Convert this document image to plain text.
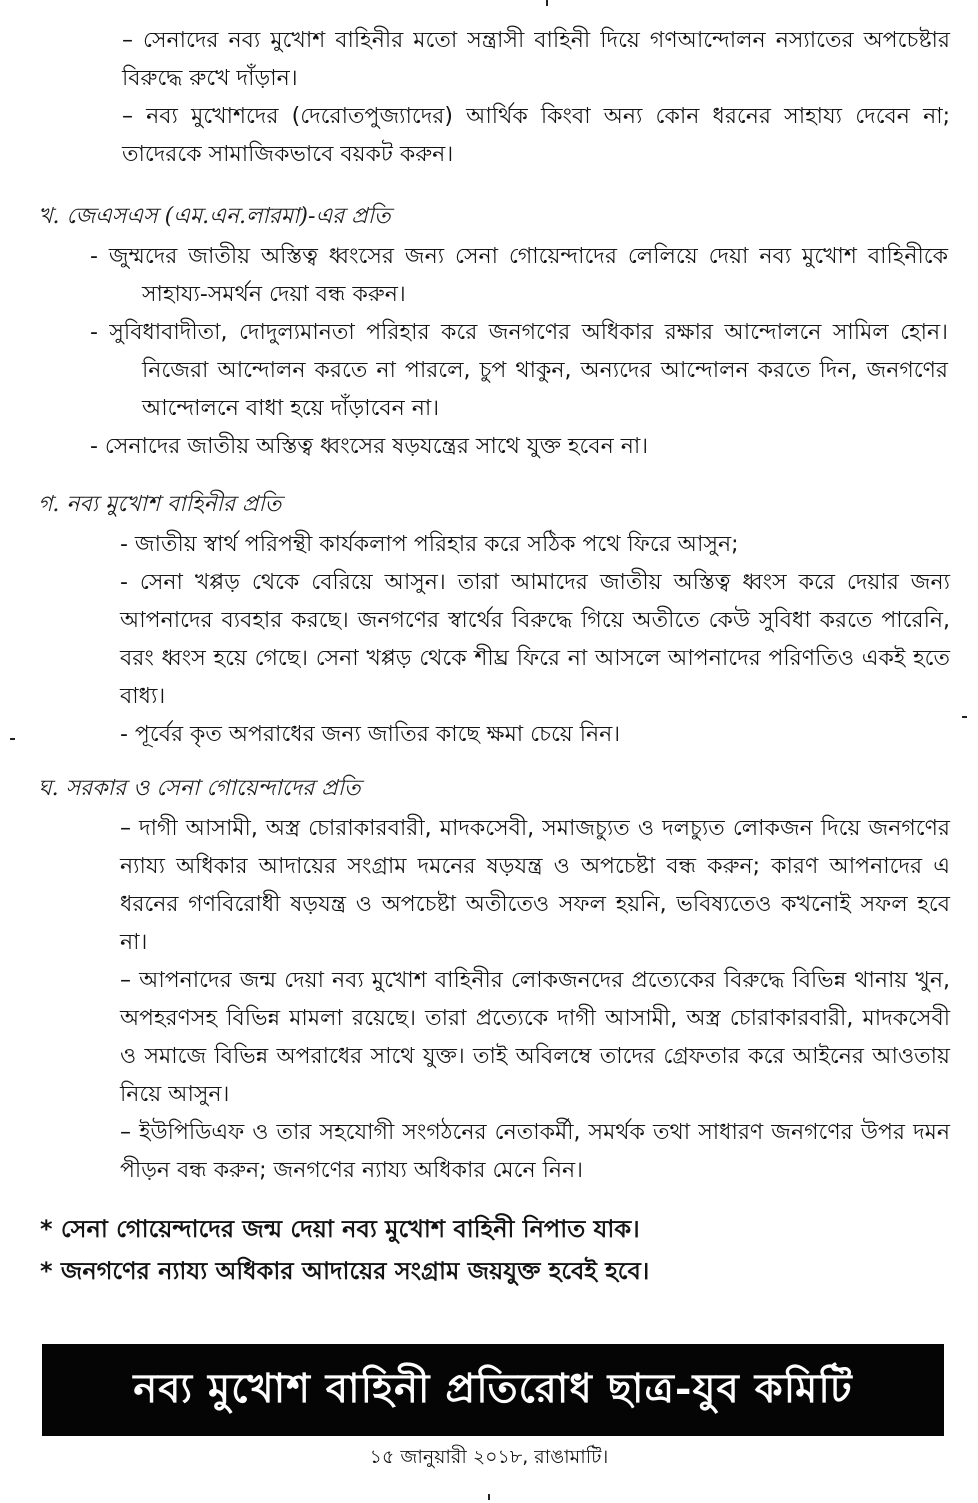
– সেনাদের নব্য মুখোশ বাহিনীর মতো সন্ত্রাসী বাহিনী দিয়ে গণআন্দোলন নস্যাতের অপচেষ্টার বিরুদ্ধে রুখে দাঁড়ান।

– নব্য মুখোশদের (দেরোতপুজ্যাদের) আর্থিক কিংবা অন্য কোন ধরনের সাহায্য দেবেন না; তাদেরকে সামাজিকভাবে বয়কট করুন।

খ. জেএসএস (এম.এন.লারমা)-এর প্রতি

- জুম্মদের জাতীয় অস্তিত্ব ধ্বংসের জন্য সেনা গোয়েন্দাদের লেলিয়ে দেয়া নব্য মুখোশ বাহিনীকে সাহায্য-সমর্থন দেয়া বন্ধ করুন।

- সুবিধাবাদীতা, দোদুল্যমানতা পরিহার করে জনগণের অধিকার রক্ষার আন্দোলনে সামিল হোন। নিজেরা আন্দোলন করতে না পারলে, চুপ থাকুন, অন্যদের আন্দোলন করতে দিন, জনগণের আন্দোলনে বাধা হয়ে দাঁড়াবেন না।

- সেনাদের জাতীয় অস্তিত্ব ধ্বংসের ষড়যন্ত্রের সাথে যুক্ত হবেন না।

গ. নব্য মুখোশ বাহিনীর প্রতি

- জাতীয় স্বার্থ পরিপন্থী কার্যকলাপ পরিহার করে সঠিক পথে ফিরে আসুন;

- সেনা খপ্পড় থেকে বেরিয়ে আসুন। তারা আমাদের জাতীয় অস্তিত্ব ধ্বংস করে দেয়ার জন্য আপনাদের ব্যবহার করছে। জনগণের স্বার্থের বিরুদ্ধে গিয়ে অতীতে কেউ সুবিধা করতে পারেনি, বরং ধ্বংস হয়ে গেছে। সেনা খপ্পড় থেকে শীঘ্র ফিরে না আসলে আপনাদের পরিণতিও একই হতে বাধ্য।

- পূর্বের কৃত অপরাধের জন্য জাতির কাছে ক্ষমা চেয়ে নিন।

ঘ. সরকার ও সেনা গোয়েন্দাদের প্রতি

– দাগী আসামী, অস্ত্র চোরাকারবারী, মাদকসেবী, সমাজচ্যুত ও দলচ্যুত লোকজন দিয়ে জনগণের ন্যায্য অধিকার আদায়ের সংগ্রাম দমনের ষড়যন্ত্র ও অপচেষ্টা বন্ধ করুন; কারণ আপনাদের এ ধরনের গণবিরোধী ষড়যন্ত্র ও অপচেষ্টা অতীতেও সফল হয়নি, ভবিষ্যতেও কখনোই সফল হবে না।

– আপনাদের জন্ম দেয়া নব্য মুখোশ বাহিনীর লোকজনদের প্রত্যেকের বিরুদ্ধে বিভিন্ন থানায় খুন, অপহরণসহ বিভিন্ন মামলা রয়েছে। তারা প্রত্যেকে দাগী আসামী, অস্ত্র চোরাকারবারী, মাদকসেবী ও সমাজে বিভিন্ন অপরাধের সাথে যুক্ত। তাই অবিলম্বে তাদের গ্রেফতার করে আইনের আওতায় নিয়ে আসুন।

– ইউপিডিএফ ও তার সহযোগী সংগঠনের নেতাকর্মী, সমর্থক তথা সাধারণ জনগণের উপর দমন পীড়ন বন্ধ করুন; জনগণের ন্যায্য অধিকার মেনে নিন।

* সেনা গোয়েন্দাদের জন্ম দেয়া নব্য মুখোশ বাহিনী নিপাত যাক।

* জনগণের ন্যায্য অধিকার আদায়ের সংগ্রাম জয়যুক্ত হবেই হবে।

নব্য মুখোশ বাহিনী প্রতিরোধ ছাত্র-যুব কমিটি
১৫ জানুয়ারী ২০১৮, রাঙামাটি।
